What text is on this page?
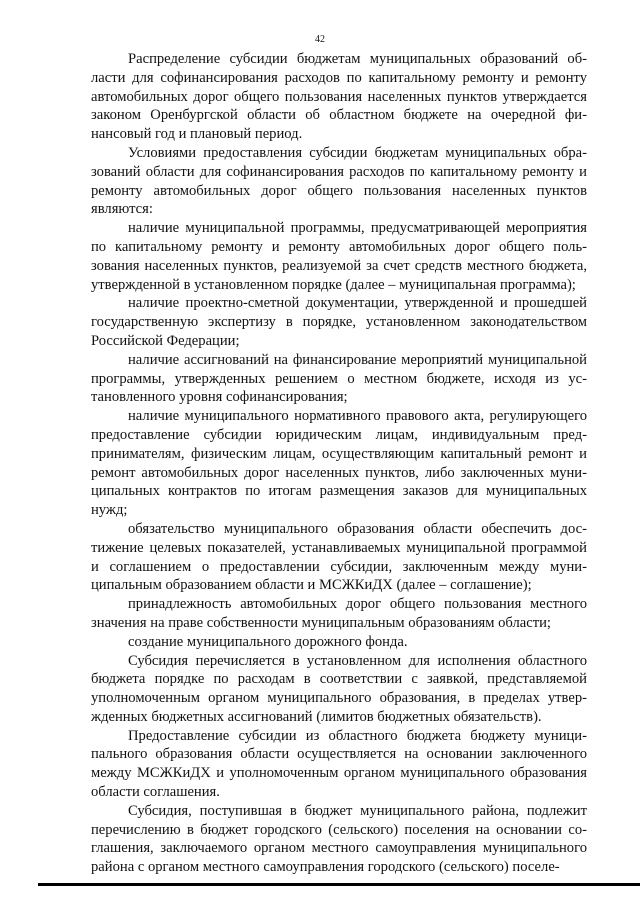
42

Распределение субсидии бюджетам муниципальных образований области для софинансирования расходов по капитальному ремонту и ремонту автомобильных дорог общего пользования населенных пунктов утверждается законом Оренбургской области об областном бюджете на очередной финансовый год и плановый период.

Условиями предоставления субсидии бюджетам муниципальных образований области для софинансирования расходов по капитальному ремонту и ремонту автомобильных дорог общего пользования населенных пунктов являются:

наличие муниципальной программы, предусматривающей мероприятия по капитальному ремонту и ремонту автомобильных дорог общего пользования населенных пунктов, реализуемой за счет средств местного бюджета, утвержденной в установленном порядке (далее – муниципальная программа);

наличие проектно-сметной документации, утвержденной и прошедшей государственную экспертизу в порядке, установленном законодательством Российской Федерации;

наличие ассигнований на финансирование мероприятий муниципальной программы, утвержденных решением о местном бюджете, исходя из установленного уровня софинансирования;

наличие муниципального нормативного правового акта, регулирующего предоставление субсидии юридическим лицам, индивидуальным предпринимателям, физическим лицам, осуществляющим капитальный ремонт и ремонт автомобильных дорог населенных пунктов, либо заключенных муниципальных контрактов по итогам размещения заказов для муниципальных нужд;

обязательство муниципального образования области обеспечить достижение целевых показателей, устанавливаемых муниципальной программой и соглашением о предоставлении субсидии, заключенным между муниципальным образованием области и МСЖКиДХ (далее – соглашение);

принадлежность автомобильных дорог общего пользования местного значения на праве собственности муниципальным образованиям области;

создание муниципального дорожного фонда.

Субсидия перечисляется в установленном для исполнения областного бюджета порядке по расходам в соответствии с заявкой, представляемой уполномоченным органом муниципального образования, в пределах утвержденных бюджетных ассигнований (лимитов бюджетных обязательств).

Предоставление субсидии из областного бюджета бюджету муниципального образования области осуществляется на основании заключенного между МСЖКиДХ и уполномоченным органом муниципального образования области соглашения.

Субсидия, поступившая в бюджет муниципального района, подлежит перечислению в бюджет городского (сельского) поселения на основании соглашения, заключаемого органом местного самоуправления муниципального района с органом местного самоуправления городского (сельского) поселе-
